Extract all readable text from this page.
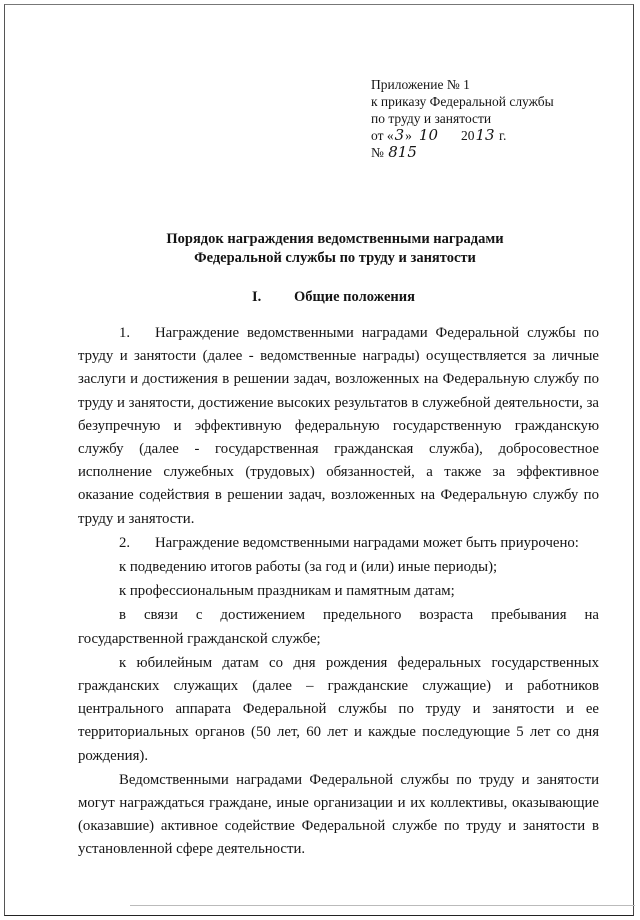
Приложение № 1
к приказу Федеральной службы
по труду и занятости
от «3» 10 2013 г.
№ 815
Порядок награждения ведомственными наградами
Федеральной службы по труду и занятости
I. Общие положения

1. Награждение ведомственными наградами Федеральной службы по труду и занятости (далее - ведомственные награды) осуществляется за личные заслуги и достижения в решении задач, возложенных на Федеральную службу по труду и занятости, достижение высоких результатов в служебной деятельности, за безупречную и эффективную федеральную государственную гражданскую службу (далее - государственная гражданская служба), добросовестное исполнение служебных (трудовых) обязанностей, а также за эффективное оказание содействия в решении задач, возложенных на Федеральную службу по труду и занятости.

2. Награждение ведомственными наградами может быть приурочено:

к подведению итогов работы (за год и (или) иные периоды);

к профессиональным праздникам и памятным датам;

в связи с достижением предельного возраста пребывания на государственной гражданской службе;

к юбилейным датам со дня рождения федеральных государственных гражданских служащих (далее – гражданские служащие) и работников центрального аппарата Федеральной службы по труду и занятости и ее территориальных органов (50 лет, 60 лет и каждые последующие 5 лет со дня рождения).

Ведомственными наградами Федеральной службы по труду и занятости могут награждаться граждане, иные организации и их коллективы, оказывающие (оказавшие) активное содействие Федеральной службе по труду и занятости в установленной сфере деятельности.
